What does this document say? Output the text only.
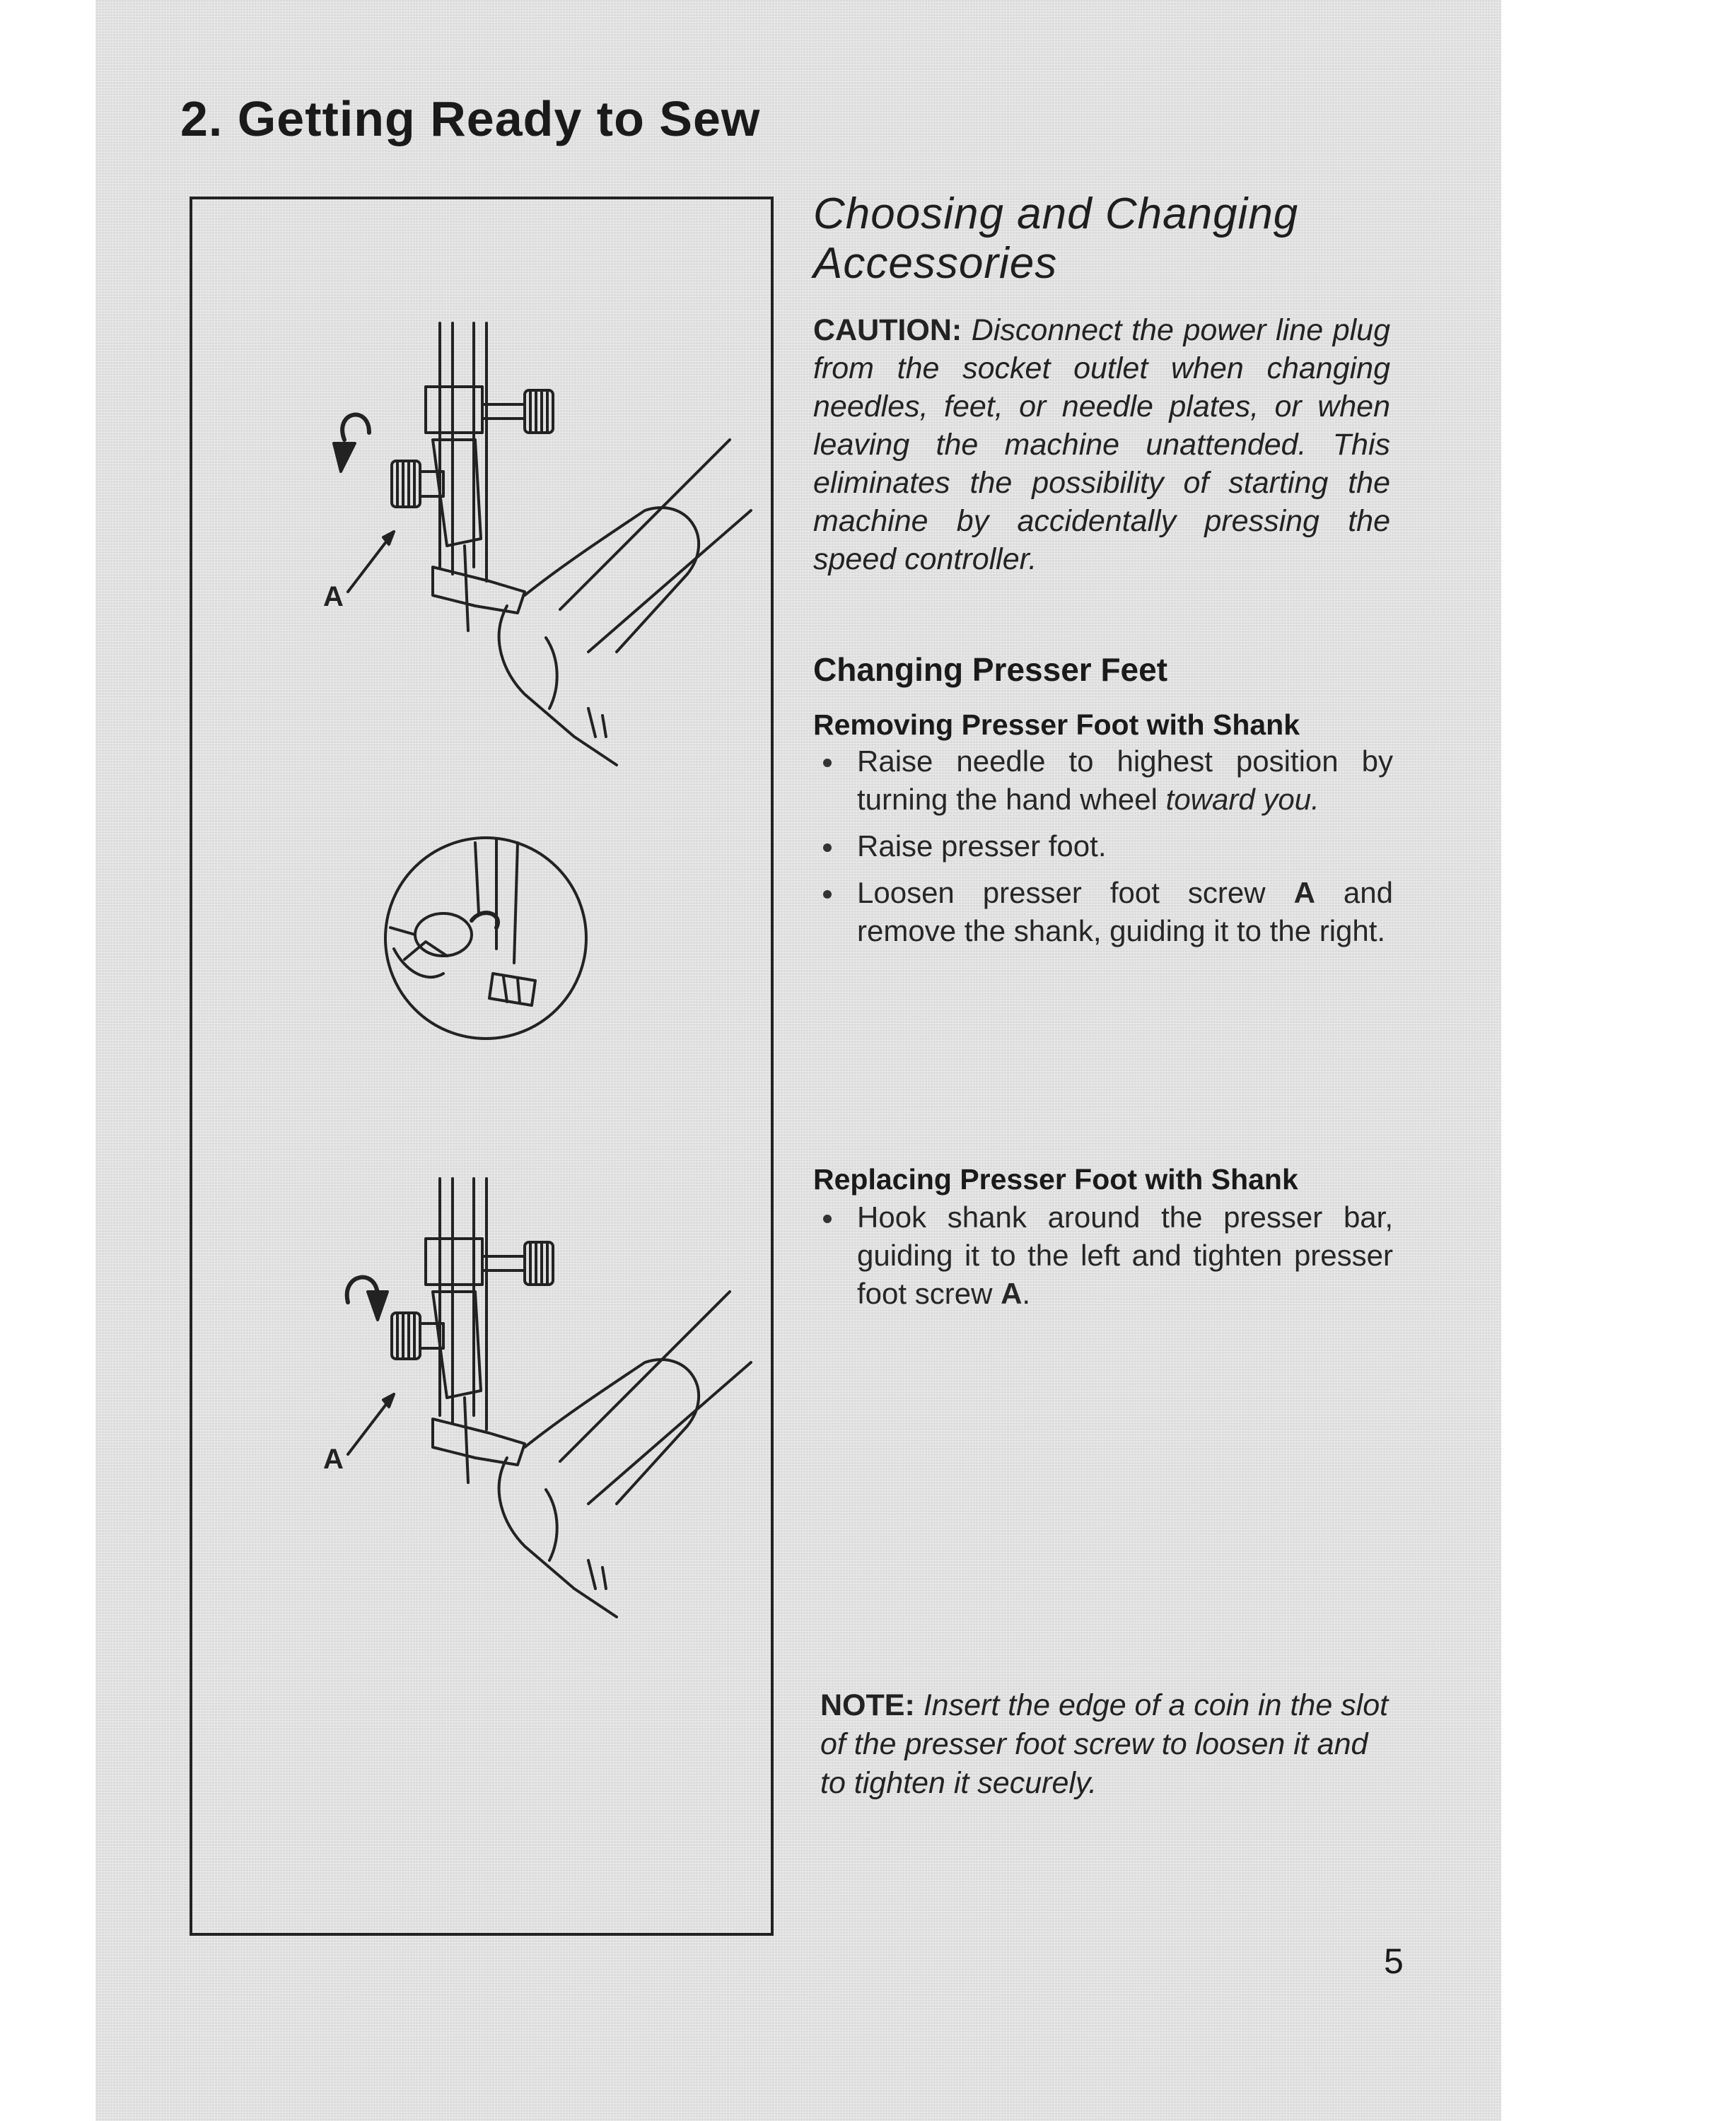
2. Getting Ready to Sew
A
A
Choosing and Changing Accessories

CAUTION: Disconnect the power line plug from the socket outlet when changing needles, feet, or needle plates, or when leaving the machine unattended. This eliminates the possibility of starting the machine by accidentally pressing the speed controller.

Changing Presser Feet
Removing Presser Foot with Shank
Raise needle to highest position by turning the hand wheel toward you.
Raise presser foot.
Loosen presser foot screw A and remove the shank, guiding it to the right.
Replacing Presser Foot with Shank
Hook shank around the presser bar, guiding it to the left and tighten presser foot screw A.

NOTE: Insert the edge of a coin in the slot of the presser foot screw to loosen it and to tighten it securely.

5
